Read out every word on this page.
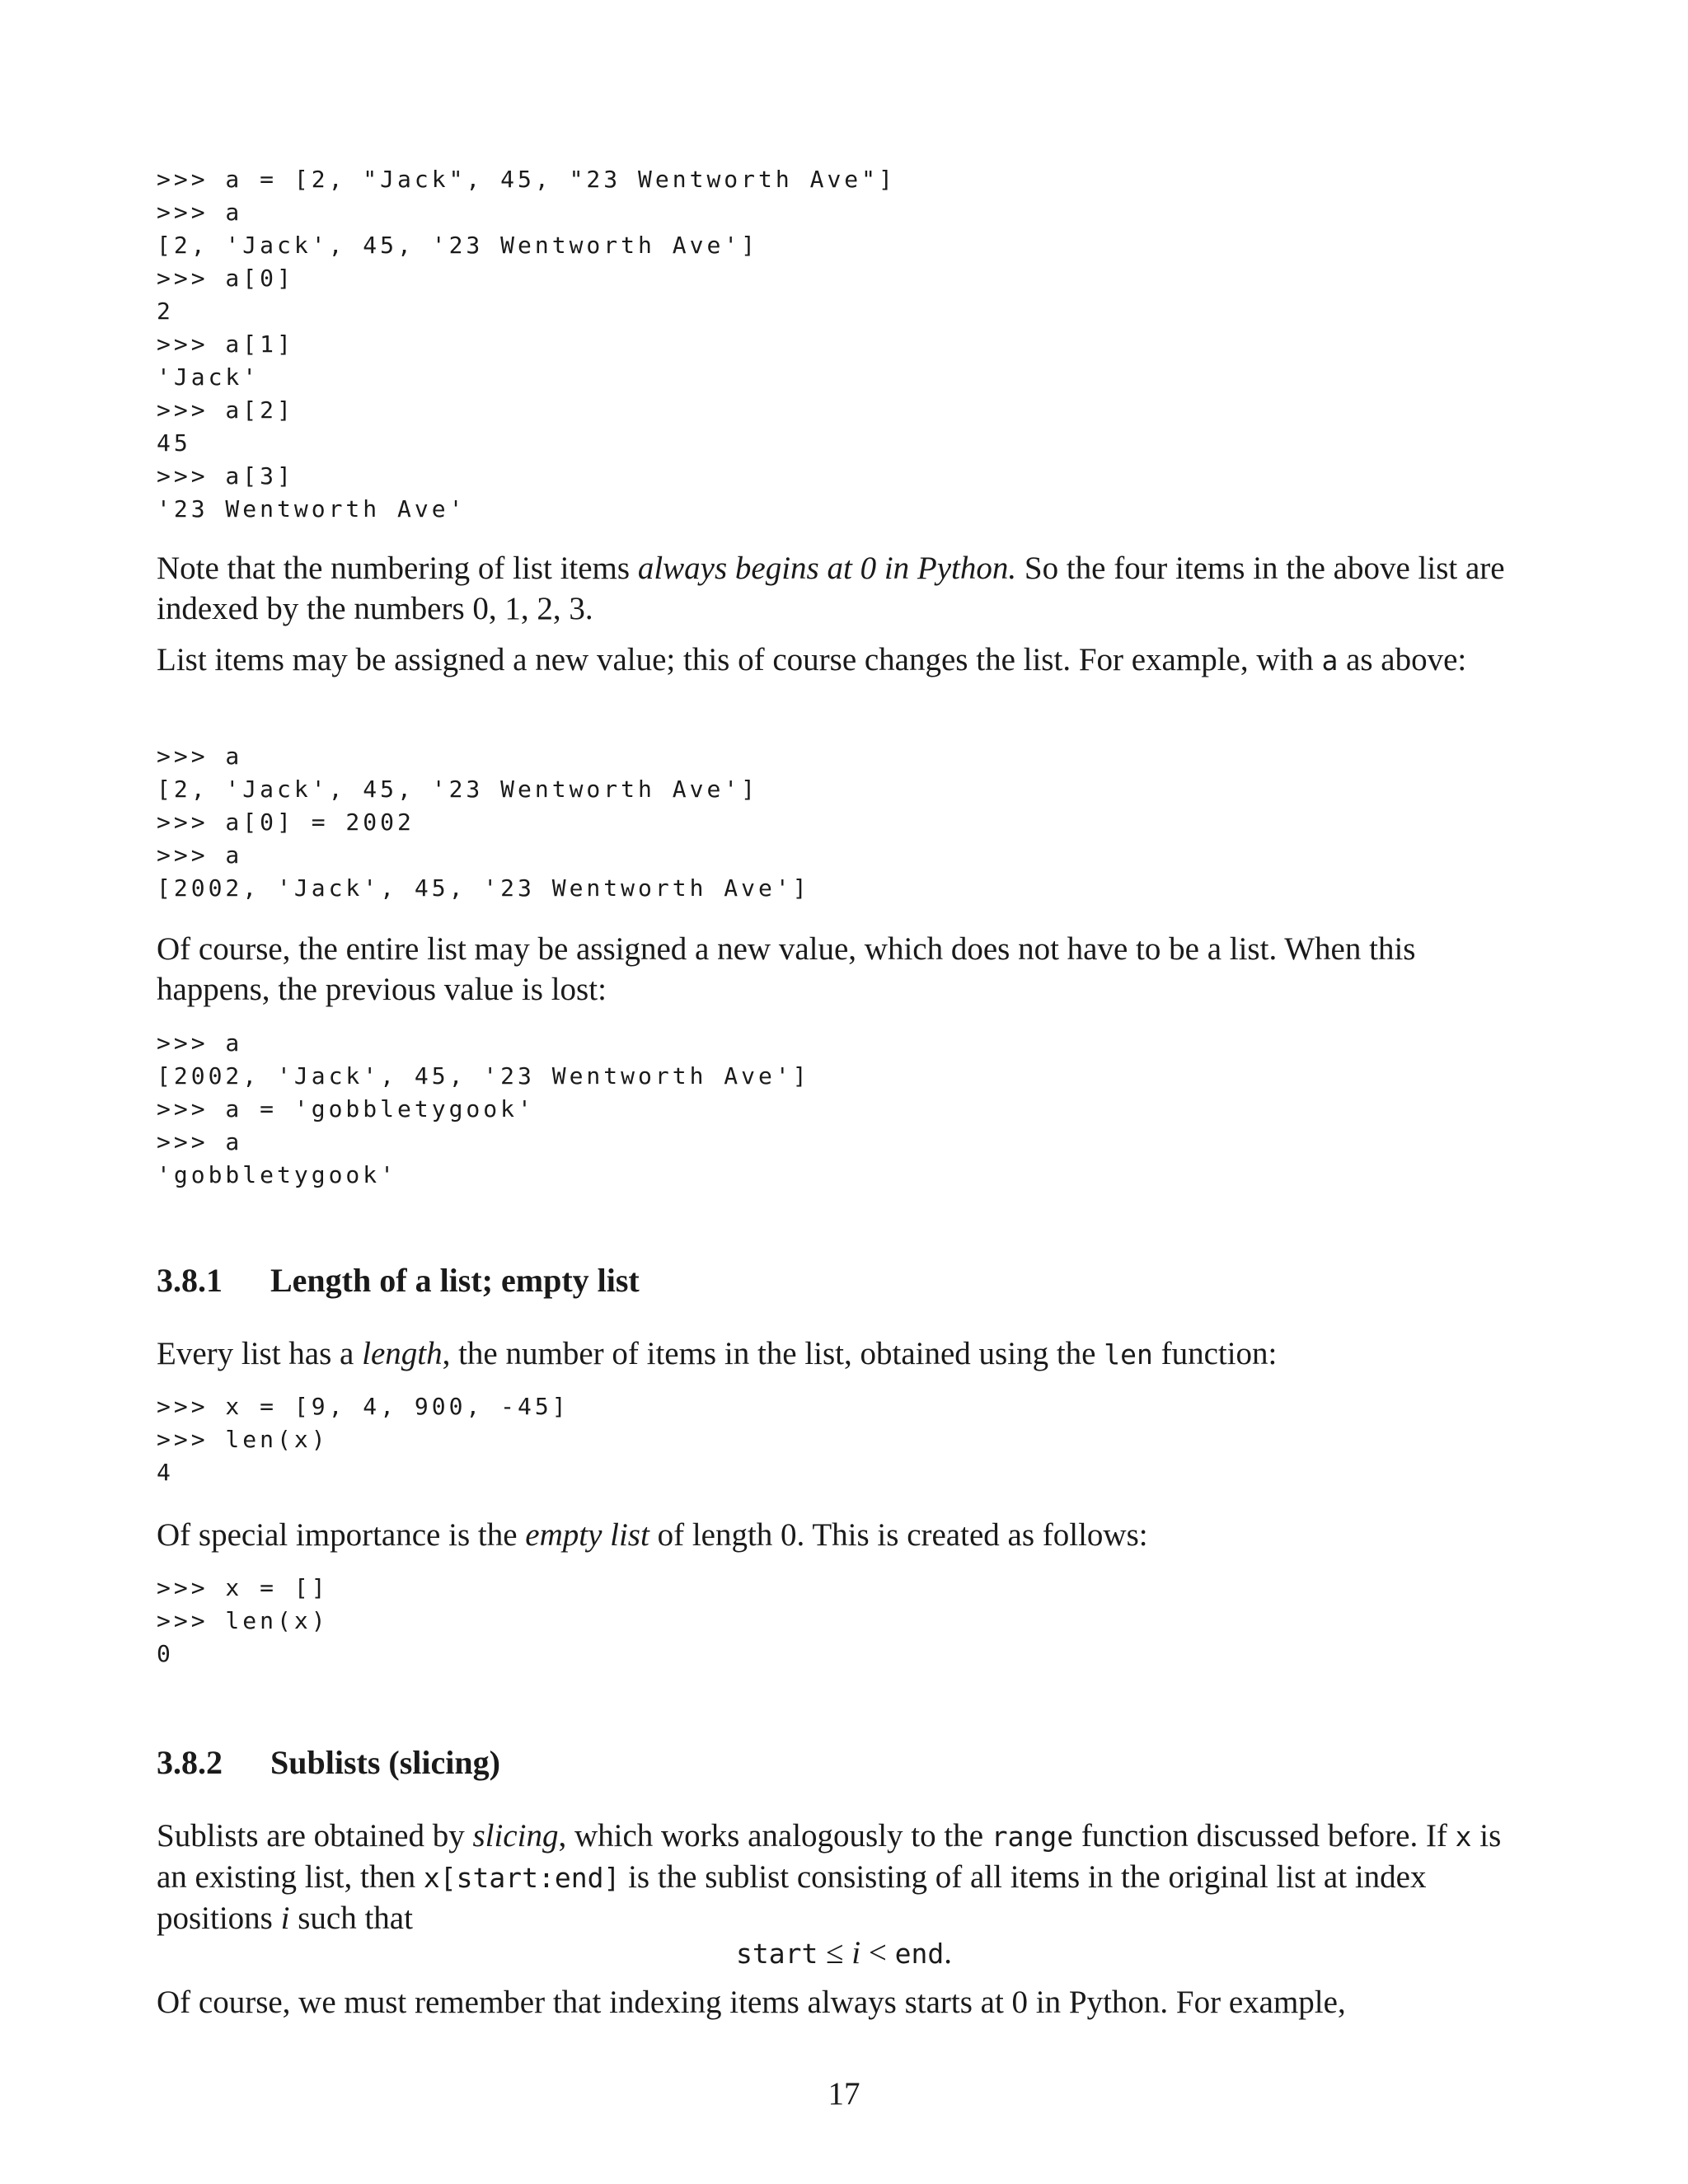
>>> a = [2, "Jack", 45, "23 Wentworth Ave"]
>>> a
[2, 'Jack', 45, '23 Wentworth Ave']
>>> a[0]
2
>>> a[1]
'Jack'
>>> a[2]
45
>>> a[3]
'23 Wentworth Ave'

Note that the numbering of list items always begins at 0 in Python. So the four items in the above list are indexed by the numbers 0, 1, 2, 3.

List items may be assigned a new value; this of course changes the list. For example, with a as above:

>>> a
[2, 'Jack', 45, '23 Wentworth Ave']
>>> a[0] = 2002
>>> a
[2002, 'Jack', 45, '23 Wentworth Ave']

Of course, the entire list may be assigned a new value, which does not have to be a list. When this happens, the previous value is lost:

>>> a
[2002, 'Jack', 45, '23 Wentworth Ave']
>>> a = 'gobbletygook'
>>> a
'gobbletygook'
3.8.1 Length of a list; empty list

Every list has a length, the number of items in the list, obtained using the len function:

>>> x = [9, 4, 900, -45]
>>> len(x)
4

Of special importance is the empty list of length 0. This is created as follows:

>>> x = []
>>> len(x)
0
3.8.2 Sublists (slicing)

Sublists are obtained by slicing, which works analogously to the range function discussed before. If x is an existing list, then x[start:end] is the sublist consisting of all items in the original list at index positions i such that

start ≤ i < end.

Of course, we must remember that indexing items always starts at 0 in Python. For example,

17
